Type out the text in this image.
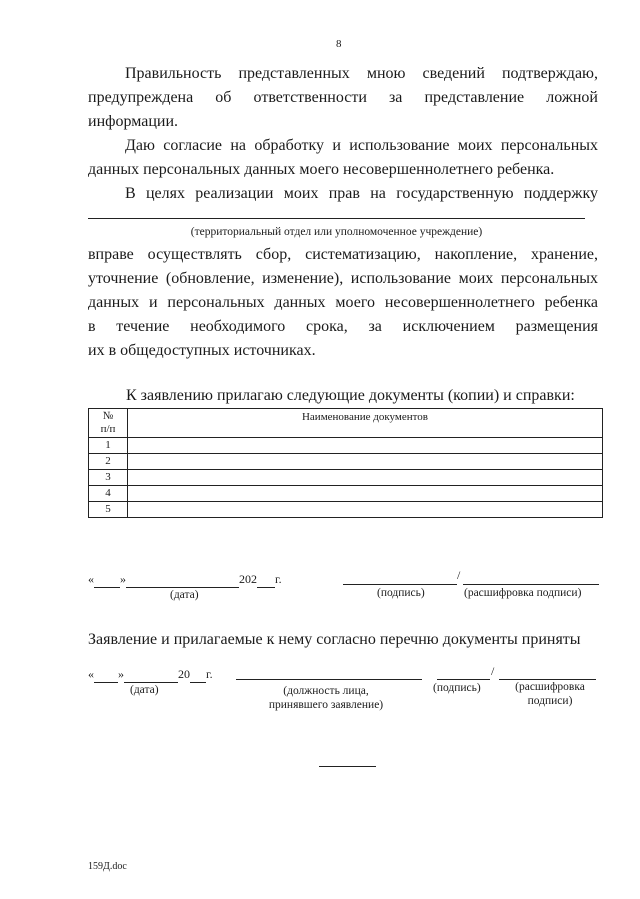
8
Правильность представленных мною сведений подтверждаю,
предупреждена об ответственности за представление ложной
информации.
Даю согласие на обработку и использование моих персональных
данных персональных данных моего несовершеннолетнего ребенка.
В целях реализации моих прав на государственную поддержку
(территориальный отдел или уполномоченное учреждение)
вправе осуществлять сбор, систематизацию, накопление, хранение,
уточнение (обновление, изменение), использование моих персональных
данных и персональных данных моего несовершеннолетнего ребенка
в течение необходимого срока, за исключением размещения
их в общедоступных источниках.
К заявлению прилагаю следующие документы (копии) и справки:
№
п/п	Наименование документов
1	
2	
3	
4	
5	
« »	202 г.	/
(дата)	(подпись)	(расшифровка подписи)
Заявление и прилагаемые к нему согласно перечню документы приняты
« »	20 г.	/
(дата)	(должность лица,
принявшего заявление)
(подпись)	(расшифровка
подписи)
159Д.doc
